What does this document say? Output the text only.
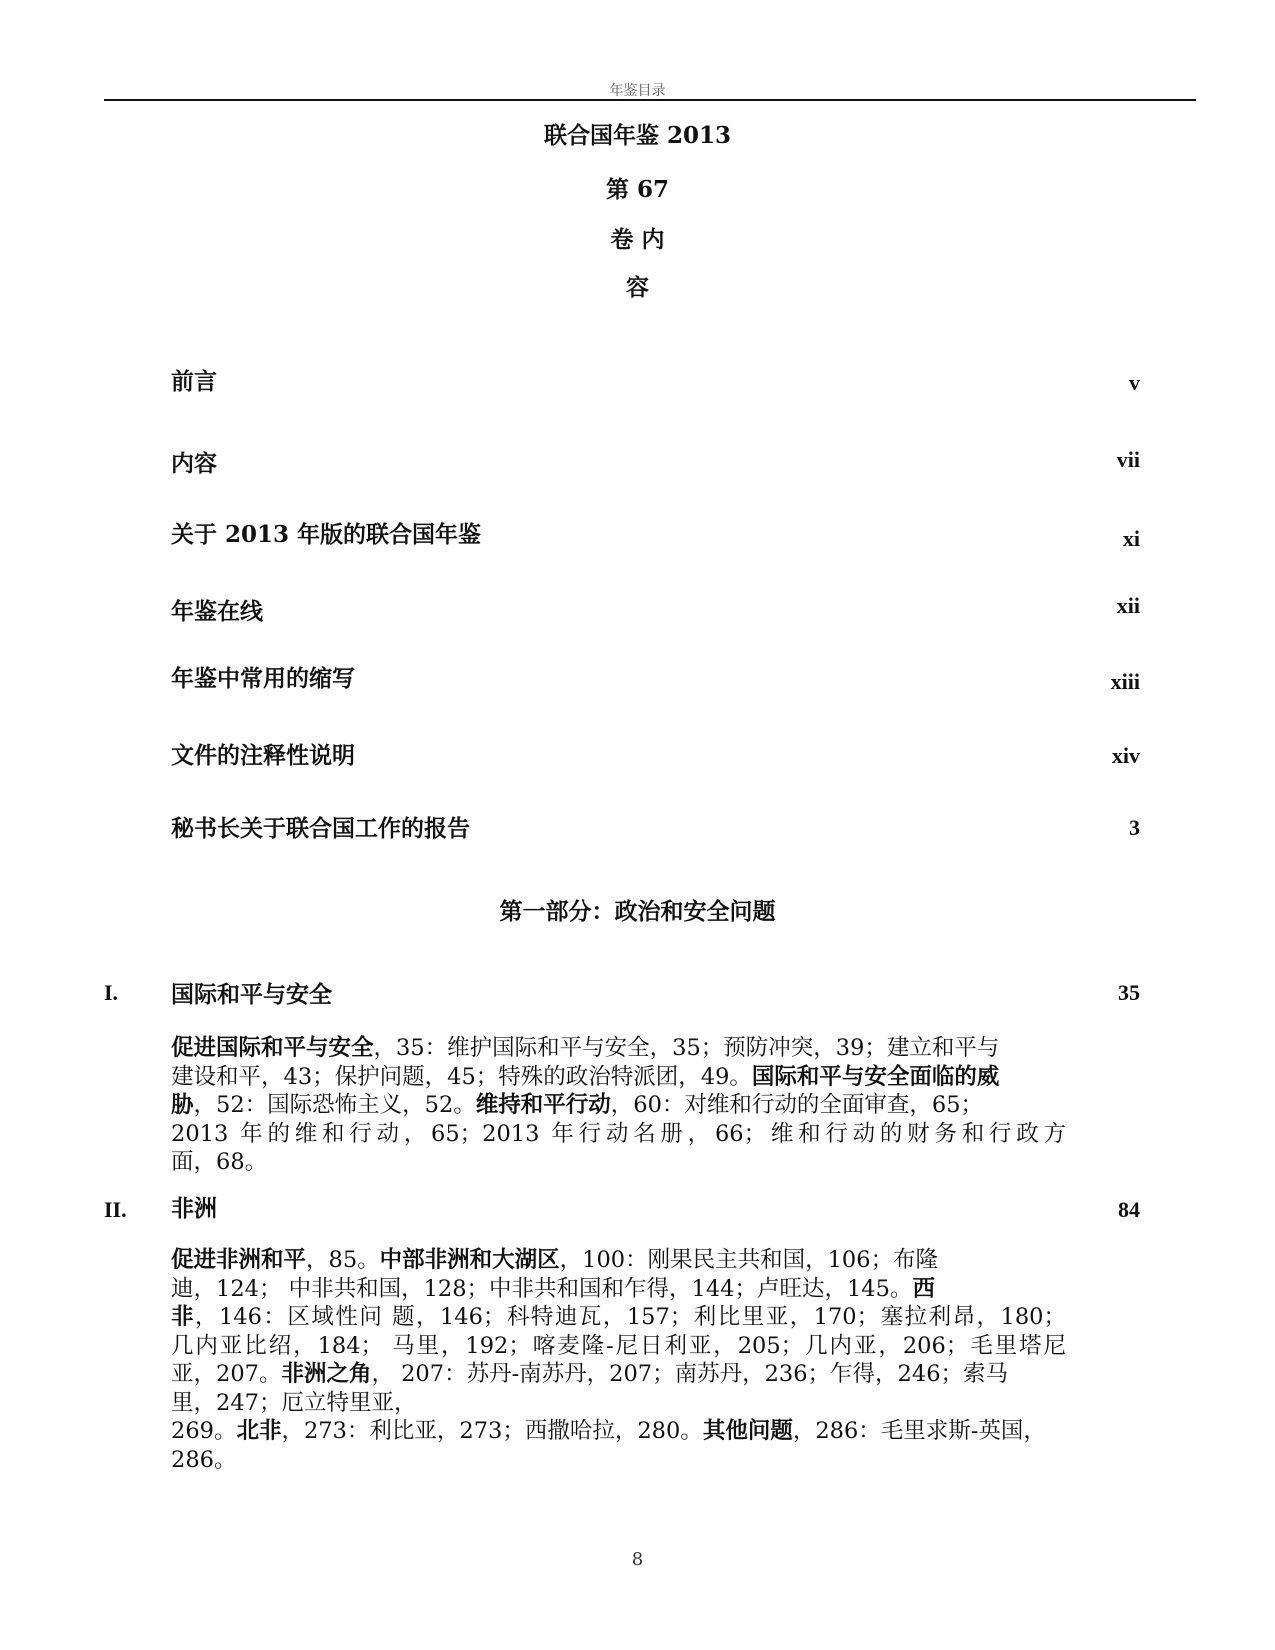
年鉴目录
联合国年鉴 2013
第 67
卷 内
容
前言	v
内容	vii
关于 2013 年版的联合国年鉴	xi
年鉴在线	xii
年鉴中常用的缩写	xiii
文件的注释性说明	xiv
秘书长关于联合国工作的报告	3
第一部分：政治和安全问题
I.	国际和平与安全	35
促进国际和平与安全，35：维护国际和平与安全，35；预防冲突，39；建立和平与
建设和平，43；保护问题，45；特殊的政治特派团，49。国际和平与安全面临的威
胁，52：国际恐怖主义，52。维持和平行动，60：对维和行动的全面审查，65；
2013 年的维和行动，65；2013 年行动名册，66；维和行动的财务和行政方
面，68。
II.	非洲	84
促进非洲和平，85。中部非洲和大湖区，100：刚果民主共和国，106；布隆
迪，124； 中非共和国，128；中非共和国和乍得，144；卢旺达，145。西
非，146：区域性问 题，146；科特迪瓦，157；利比里亚，170；塞拉利昂，180；
几内亚比绍，184； 马里，192；喀麦隆-尼日利亚，205；几内亚，206；毛里塔尼
亚，207。非洲之角， 207：苏丹-南苏丹，207；南苏丹，236；乍得，246；索马
里，247；厄立特里亚，
269。北非，273：利比亚，273；西撒哈拉，280。其他问题，286：毛里求斯-英国，
286。
8
